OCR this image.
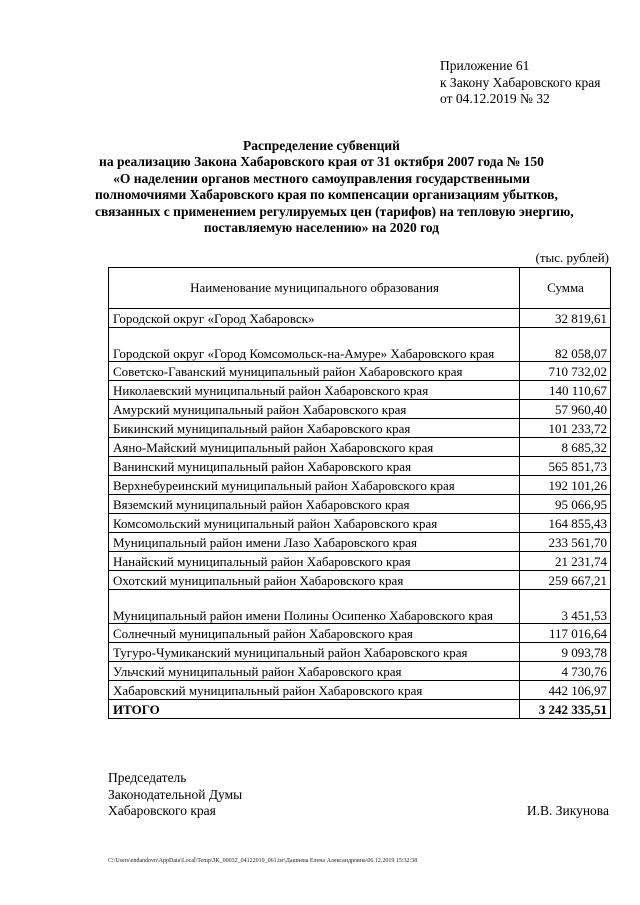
Приложение 61
к Закону Хабаровского края
от 04.12.2019 № 32
Распределение субвенций
на реализацию Закона Хабаровского края от 31 октября 2007 года № 150
«О наделении органов местного самоуправления государственными
полномочиями Хабаровского края по компенсации организациям убытков,
связанных с применением регулируемых цен (тарифов) на тепловую энергию,
поставляемую населению» на 2020 год
(тыс. рублей)
Наименование муниципального образования	Сумма
Городской округ «Город Хабаровск»	32 819,61
Городской округ «Город Комсомольск-на-Амуре» Хабаровского края	82 058,07
Советско-Гаванский муниципальный район Хабаровского края	710 732,02
Николаевский муниципальный район Хабаровского края	140 110,67
Амурский муниципальный район Хабаровского края	57 960,40
Бикинский муниципальный район Хабаровского края	101 233,72
Аяно-Майский муниципальный район Хабаровского края	8 685,32
Ванинский муниципальный район Хабаровского края	565 851,73
Верхнебуреинский муниципальный район Хабаровского края	192 101,26
Вяземский муниципальный район Хабаровского края	95 066,95
Комсомольский муниципальный район Хабаровского края	164 855,43
Муниципальный район имени Лазо Хабаровского края	233 561,70
Нанайский муниципальный район Хабаровского края	21 231,74
Охотский муниципальный район Хабаровского края	259 667,21
Муниципальный район имени Полины Осипенко Хабаровского края	3 451,53
Солнечный муниципальный район Хабаровского края	117 016,64
Тугуро-Чумиканский муниципальный район Хабаровского края	9 093,78
Ульчский муниципальный район Хабаровского края	4 730,76
Хабаровский муниципальный район Хабаровского края	442 106,97
ИТОГО	3 242 335,51
Председатель
Законодательной Думы
Хабаровского края	И.В. Зикунова
C:\Users\endandovn\AppData\Local\Temp\ЗК_00032_04122019_061.tsr\Дашиева Елена Александровна\06.12.2019 15:32:38
